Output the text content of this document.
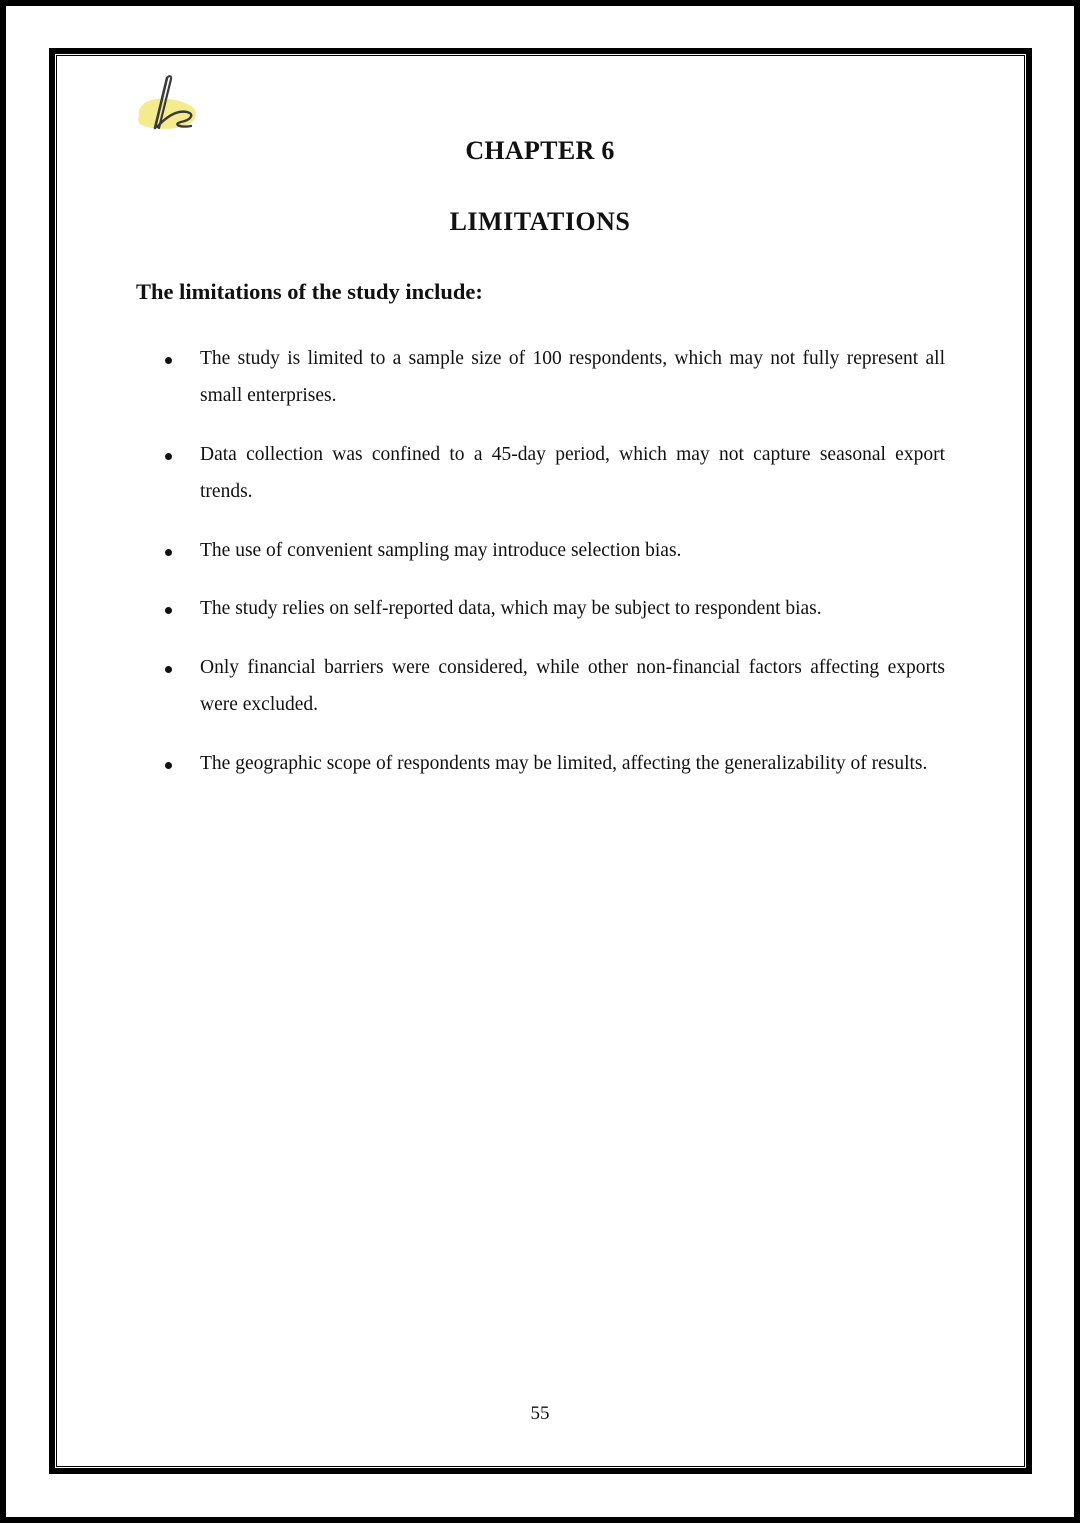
CHAPTER 6
LIMITATIONS
The limitations of the study include:
The study is limited to a sample size of 100 respondents, which may not fully represent all small enterprises.
Data collection was confined to a 45-day period, which may not capture seasonal export trends.
The use of convenient sampling may introduce selection bias.
The study relies on self-reported data, which may be subject to respondent bias.
Only financial barriers were considered, while other non-financial factors affecting exports were excluded.
The geographic scope of respondents may be limited, affecting the generalizability of results.
55
